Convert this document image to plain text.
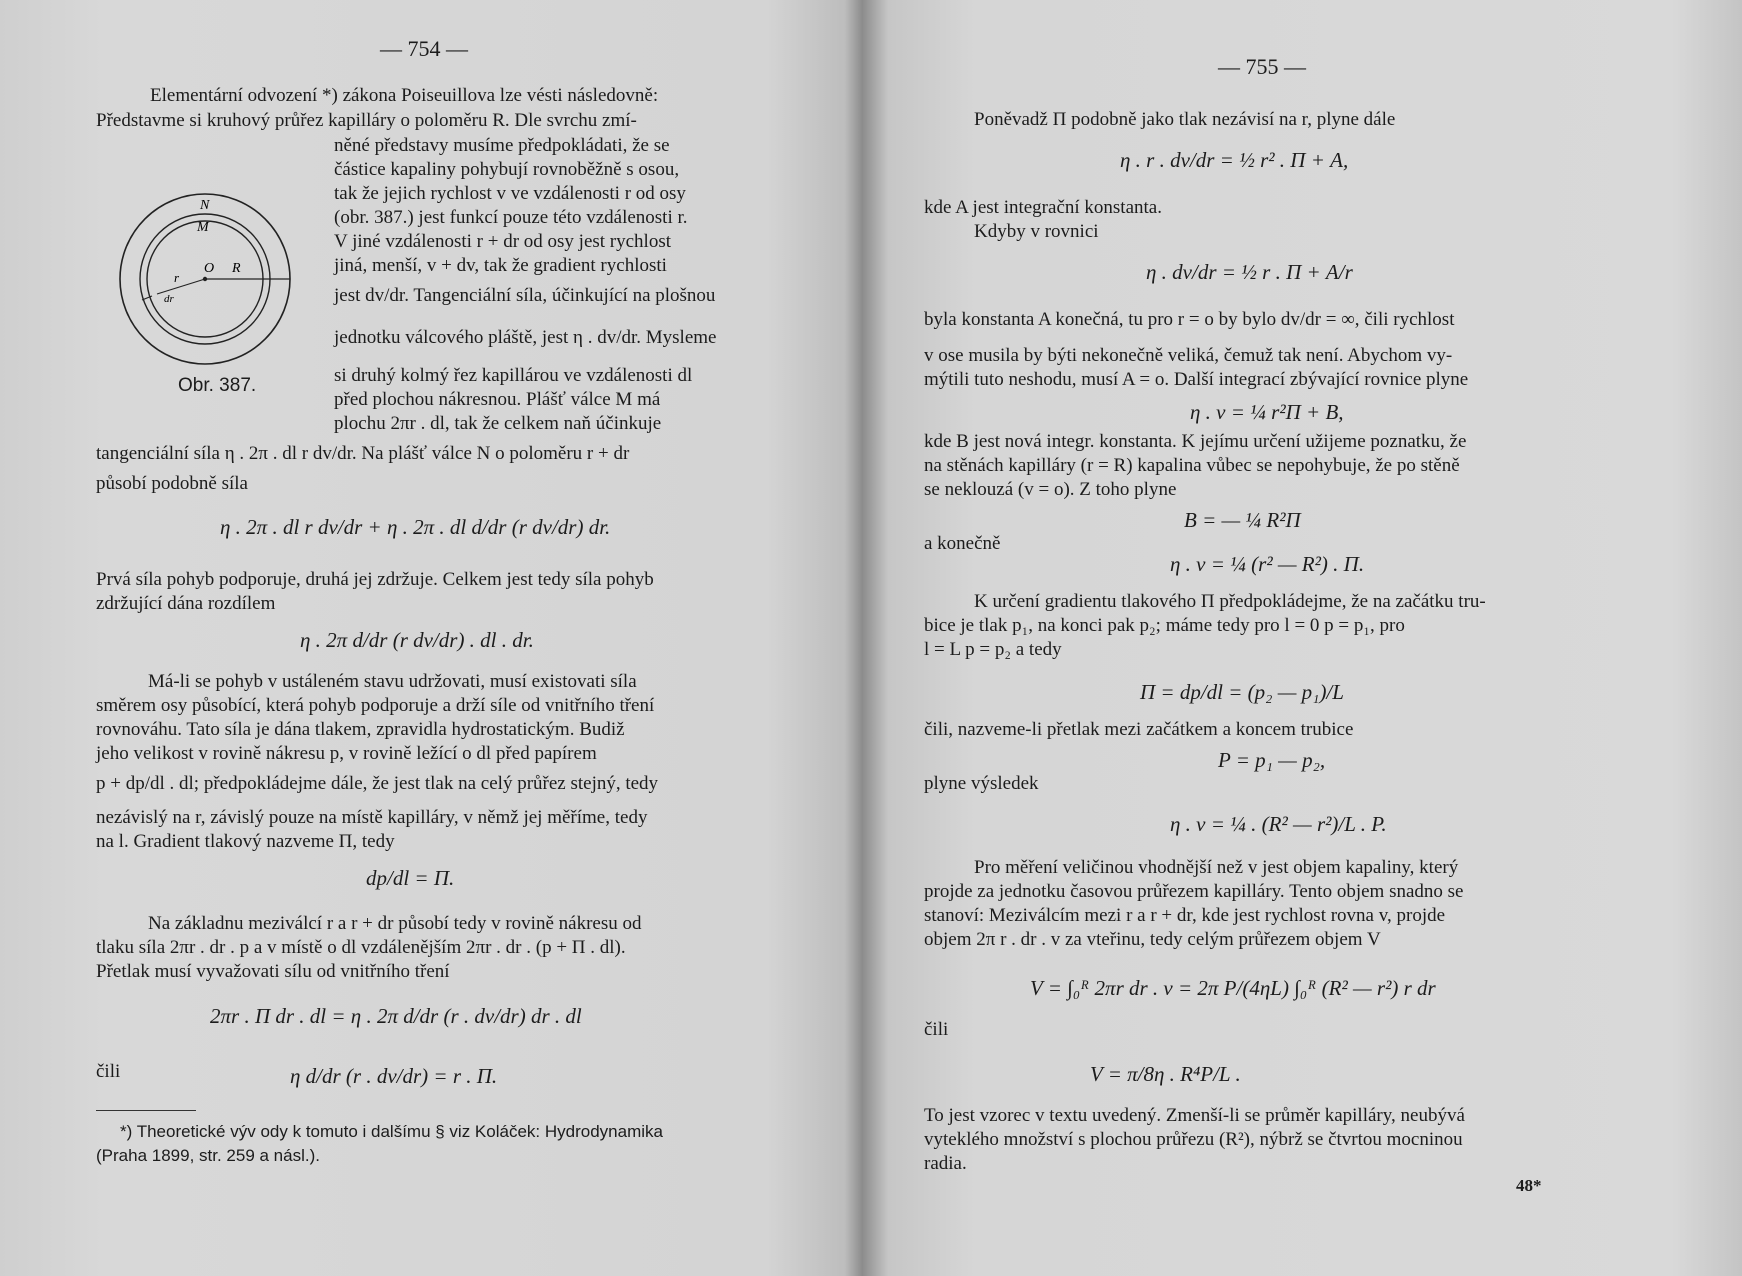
— 754 —
Elementární odvození *) zákona Poiseuillova lze vésti následovně:
Představme si kruhový průřez kapilláry o poloměru R. Dle svrchu zmí-
N
M
O R
r
dr
Obr. 387.
něné představy musíme předpokládati, že se
částice kapaliny pohybují rovnoběžně s osou,
tak že jejich rychlost v ve vzdálenosti r od osy
(obr. 387.) jest funkcí pouze této vzdálenosti r.
V jiné vzdálenosti r + dr od osy jest rychlost
jiná, menší, v + dv, tak že gradient rychlosti
jest dv/dr. Tangenciální síla, účinkující na plošnou
jednotku válcového pláště, jest η . dv/dr. Mysleme
si druhý kolmý řez kapillárou ve vzdálenosti dl
před plochou nákresnou. Plášť válce M má
plochu 2πr . dl, tak že celkem naň účinkuje
tangenciální síla η . 2π . dl r dv/dr. Na plášť válce N o poloměru r + dr
působí podobně síla
η . 2π . dl r dv/dr + η . 2π . dl d/dr (r dv/dr) dr.
Prvá síla pohyb podporuje, druhá jej zdržuje. Celkem jest tedy síla pohyb
zdržující dána rozdílem
η . 2π d/dr (r dv/dr) . dl . dr.
Má-li se pohyb v ustáleném stavu udržovati, musí existovati síla
směrem osy působící, která pohyb podporuje a drží síle od vnitřního tření
rovnováhu. Tato síla je dána tlakem, zpravidla hydrostatickým. Budiž
jeho velikost v rovině nákresu p, v rovině ležící o dl před papírem
p + dp/dl . dl; předpokládejme dále, že jest tlak na celý průřez stejný, tedy
nezávislý na r, závislý pouze na místě kapilláry, v němž jej měříme, tedy
na l. Gradient tlakový nazveme Π, tedy
dp/dl = Π.
Na základnu meziválcí r a r + dr působí tedy v rovině nákresu od
tlaku síla 2πr . dr . p a v místě o dl vzdálenějším 2πr . dr . (p + Π . dl).
Přetlak musí vyvažovati sílu od vnitřního tření
2πr . Π dr . dl = η . 2π d/dr (r . dv/dr) dr . dl
čili	η d/dr (r . dv/dr) = r . Π.
*) Theoretické výv ody k tomuto i dalšímu § viz Koláček: Hydrodynamika
(Praha 1899, str. 259 a násl.).
— 755 —
Poněvadž Π podobně jako tlak nezávisí na r, plyne dále
η . r . dv/dr = ½ r² . Π + A,
kde A jest integrační konstanta.
Kdyby v rovnici
η . dv/dr = ½ r . Π + A/r
byla konstanta A konečná, tu pro r = o by bylo dv/dr = ∞, čili rychlost
v ose musila by býti nekonečně veliká, čemuž tak není. Abychom vy-
mýtili tuto neshodu, musí A = o. Další integrací zbývající rovnice plyne
η . v = ¼ r²Π + B,
kde B jest nová integr. konstanta. K jejímu určení užijeme poznatku, že
na stěnách kapilláry (r = R) kapalina vůbec se nepohybuje, že po stěně
se neklouzá (v = o). Z toho plyne
B = — ¼ R²Π
a konečně
η . v = ¼ (r² — R²) . Π.
K určení gradientu tlakového Π předpokládejme, že na začátku tru-
bice je tlak p₁, na konci pak p₂; máme tedy pro l = 0 p = p₁, pro
l = L p = p₂ a tedy
Π = dp/dl = (p₂ — p₁)/L
čili, nazveme-li přetlak mezi začátkem a koncem trubice
P = p₁ — p₂,
plyne výsledek
η . v = ¼ . (R² — r²)/L . P.
Pro měření veličinou vhodnější než v jest objem kapaliny, který
projde za jednotku časovou průřezem kapilláry. Tento objem snadno se
stanoví: Meziválcím mezi r a r + dr, kde jest rychlost rovna v, projde
objem 2π r . dr . v za vteřinu, tedy celým průřezem objem V
V = ∫₀ᴿ 2πr dr . v = 2π P/(4ηL) ∫₀ᴿ (R² — r²) r dr
čili
V = π/8η . R⁴P/L .
To jest vzorec v textu uvedený. Zmenší-li se průměr kapilláry, neubývá
vyteklého množství s plochou průřezu (R²), nýbrž se čtvrtou mocninou
radia.
48*
